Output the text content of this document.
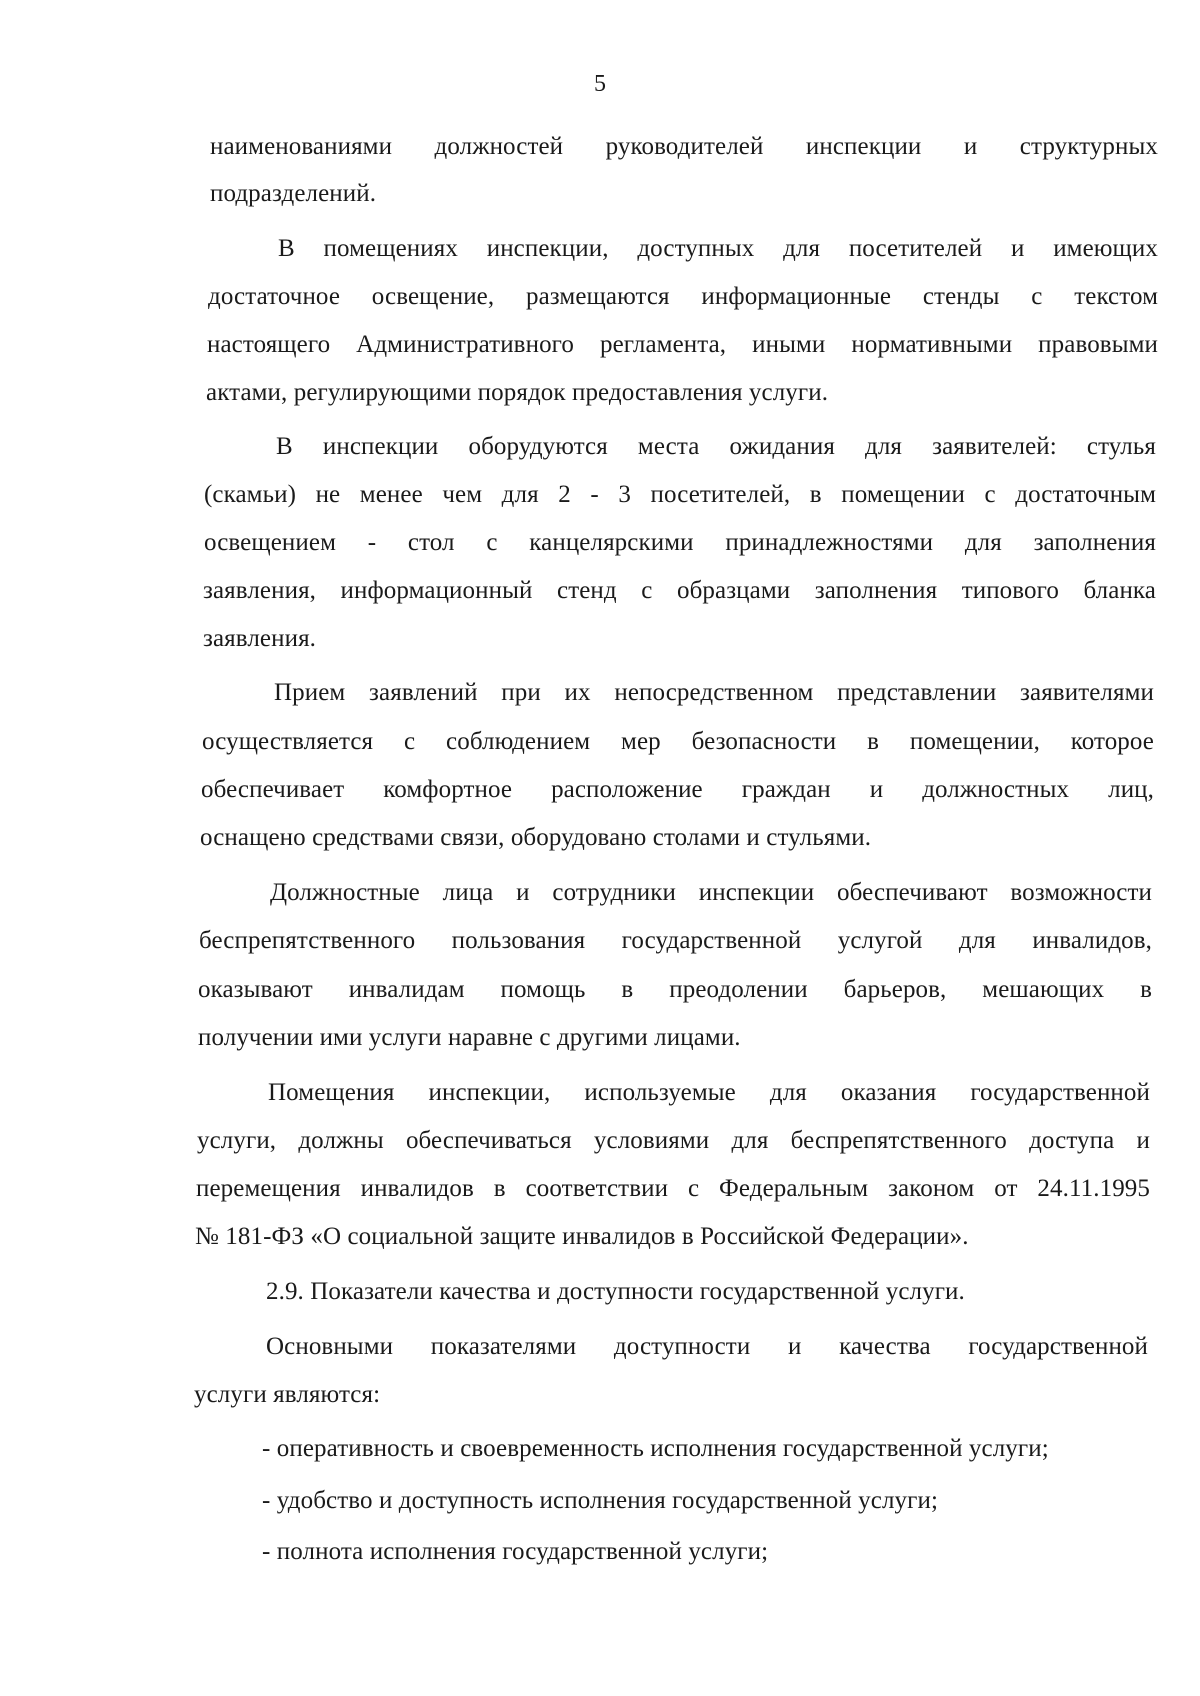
5
наименованиями должностей руководителей инспекции и структурных
подразделений.
В помещениях инспекции, доступных для посетителей и имеющих
достаточное освещение, размещаются информационные стенды с текстом
настоящего Административного регламента, иными нормативными правовыми
актами, регулирующими порядок предоставления услуги.
В инспекции оборудуются места ожидания для заявителей: стулья
(скамьи) не менее чем для 2 - 3 посетителей, в помещении с достаточным
освещением - стол с канцелярскими принадлежностями для заполнения
заявления, информационный стенд с образцами заполнения типового бланка
заявления.
Прием заявлений при их непосредственном представлении заявителями
осуществляется с соблюдением мер безопасности в помещении, которое
обеспечивает комфортное расположение граждан и должностных лиц,
оснащено средствами связи, оборудовано столами и стульями.
Должностные лица и сотрудники инспекции обеспечивают возможности
беспрепятственного пользования государственной услугой для инвалидов,
оказывают инвалидам помощь в преодолении барьеров, мешающих в
получении ими услуги наравне с другими лицами.
Помещения инспекции, используемые для оказания государственной
услуги, должны обеспечиваться условиями для беспрепятственного доступа и
перемещения инвалидов в соответствии с Федеральным законом от 24.11.1995
№ 181-ФЗ «О социальной защите инвалидов в Российской Федерации».
2.9. Показатели качества и доступности государственной услуги.
Основными показателями доступности и качества государственной
услуги являются:
- оперативность и своевременность исполнения государственной услуги;
- удобство и доступность исполнения государственной услуги;
- полнота исполнения государственной услуги;
